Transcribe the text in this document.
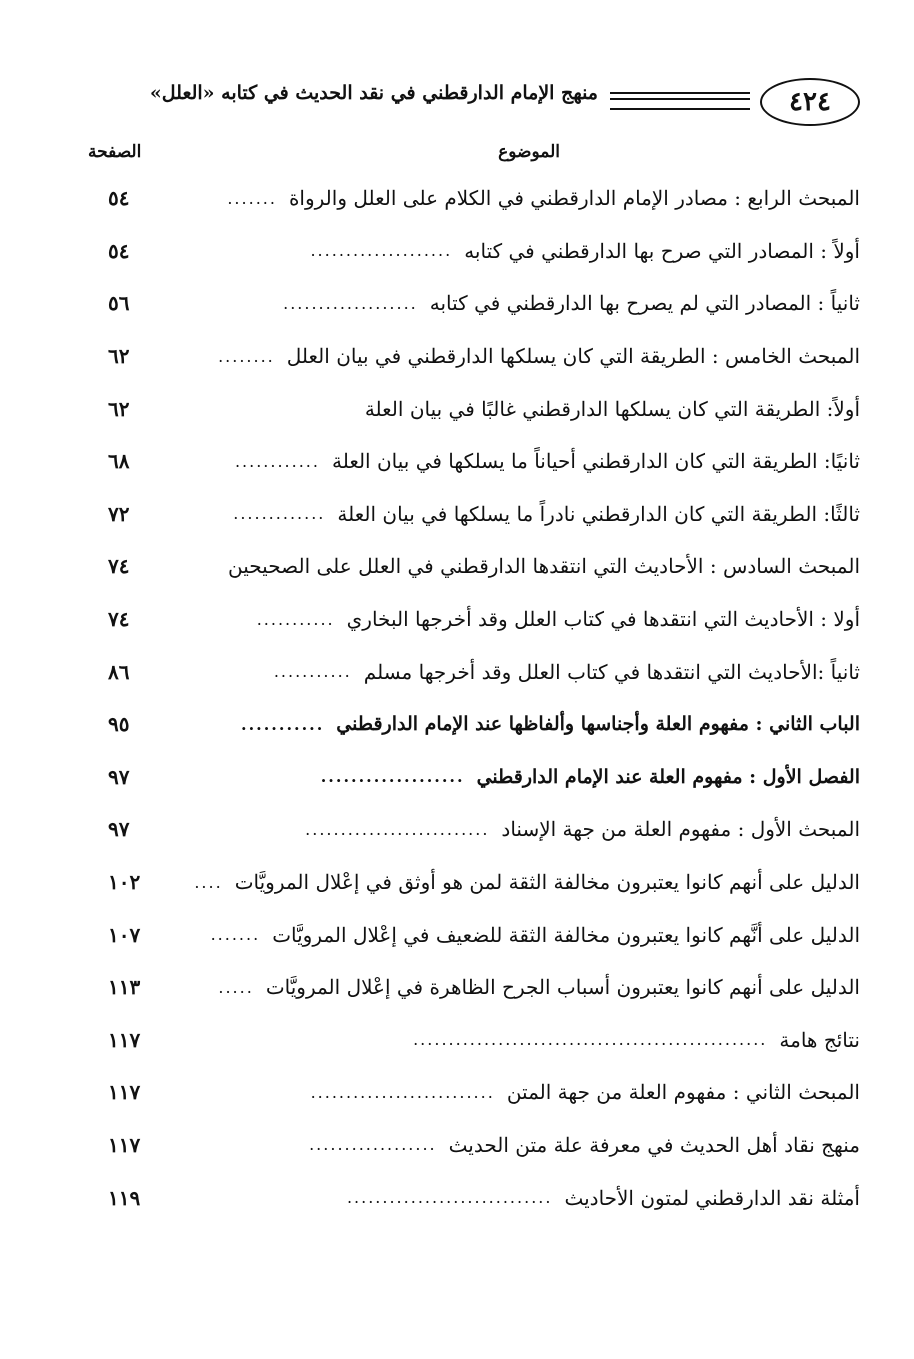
٤٢٤
منهج الإمام الدارقطني في نقد الحديث في كتابه «العلل»
الموضوع
الصفحة
المبحث الرابع : مصادر الإمام الدارقطني في الكلام على العلل والرواة
.......
٥٤
أولاً : المصادر التي صرح بها الدارقطني في كتابه
....................
٥٤
ثانياً : المصادر التي لم يصرح بها الدارقطني في كتابه
...................
٥٦
المبحث الخامس : الطريقة التي كان يسلكها الدارقطني في بيان العلل
........
٦٢
أولاً: الطريقة التي كان يسلكها الدارقطني غالبًا في بيان العلة
٦٢
ثانيًا: الطريقة التي كان الدارقطني أحياناً ما يسلكها في بيان العلة
............
٦٨
ثالثًا: الطريقة التي كان الدارقطني نادراً ما يسلكها في بيان العلة
.............
٧٢
المبحث السادس : الأحاديث التي انتقدها الدارقطني في العلل على الصحيحين
٧٤
أولا : الأحاديث التي انتقدها في كتاب العلل وقد أخرجها البخاري
...........
٧٤
ثانياً :الأحاديث التي انتقدها في كتاب العلل وقد أخرجها مسلم
...........
٨٦
الباب الثاني : مفهوم العلة وأجناسها وألفاظها عند الإمام الدارقطني
...........
٩٥
الفصل الأول : مفهوم العلة عند الإمام الدارقطني
...................
٩٧
المبحث الأول : مفهوم العلة من جهة الإسناد
..........................
٩٧
الدليل على أنهم كانوا يعتبرون مخالفة الثقة لمن هو أوثق في إعْلال المرويَّات
....
١٠٢
الدليل على أنَّهم كانوا يعتبرون مخالفة الثقة للضعيف في إعْلال المرويَّات
.......
١٠٧
الدليل على أنهم كانوا يعتبرون أسباب الجرح الظاهرة في إعْلال المرويَّات
.....
١١٣
نتائج هامة
..................................................
١١٧
المبحث الثاني : مفهوم العلة من جهة المتن
..........................
١١٧
منهج نقاد أهل الحديث في معرفة علة متن الحديث
..................
١١٧
أمثلة نقد الدارقطني لمتون الأحاديث
.............................
١١٩
